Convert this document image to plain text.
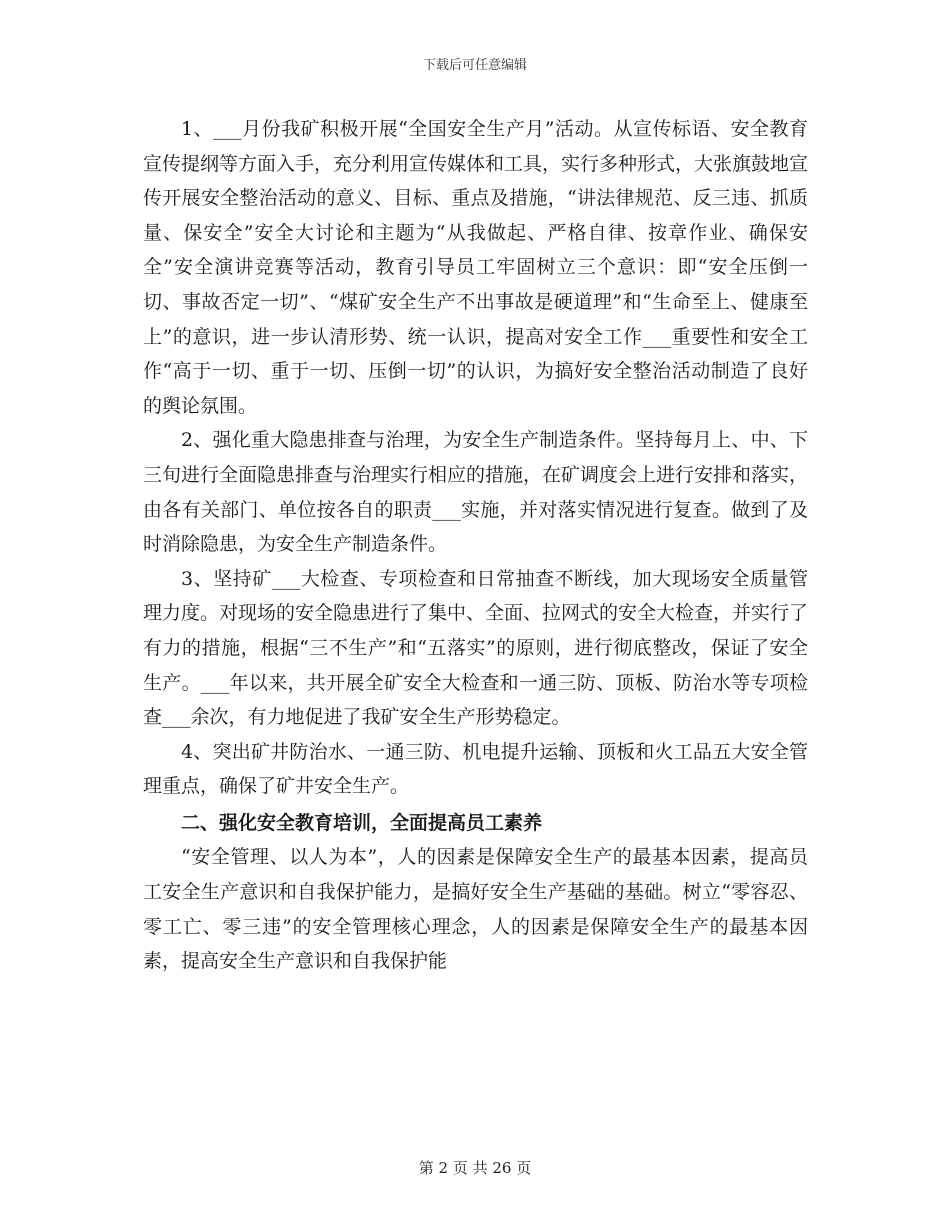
下载后可任意编辑

1、___月份我矿积极开展“全国安全生产月”活动。从宣传标语、安全教育宣传提纲等方面入手，充分利用宣传媒体和工具，实行多种形式，大张旗鼓地宣传开展安全整治活动的意义、目标、重点及措施，“讲法律规范、反三违、抓质量、保安全”安全大讨论和主题为“从我做起、严格自律、按章作业、确保安全”安全演讲竞赛等活动，教育引导员工牢固树立三个意识：即“安全压倒一切、事故否定一切”、“煤矿安全生产不出事故是硬道理”和“生命至上、健康至上”的意识，进一步认清形势、统一认识，提高对安全工作___重要性和安全工作“高于一切、重于一切、压倒一切”的认识，为搞好安全整治活动制造了良好的舆论氛围。

2、强化重大隐患排查与治理，为安全生产制造条件。坚持每月上、中、下三旬进行全面隐患排查与治理实行相应的措施，在矿调度会上进行安排和落实，由各有关部门、单位按各自的职责___实施，并对落实情况进行复查。做到了及时消除隐患，为安全生产制造条件。

3、坚持矿___大检查、专项检查和日常抽查不断线，加大现场安全质量管理力度。对现场的安全隐患进行了集中、全面、拉网式的安全大检查，并实行了有力的措施，根据“三不生产”和“五落实”的原则，进行彻底整改，保证了安全生产。___年以来，共开展全矿安全大检查和一通三防、顶板、防治水等专项检查___余次，有力地促进了我矿安全生产形势稳定。

4、突出矿井防治水、一通三防、机电提升运输、顶板和火工品五大安全管理重点，确保了矿井安全生产。

二、强化安全教育培训，全面提高员工素养

“安全管理、以人为本”，人的因素是保障安全生产的最基本因素，提高员工安全生产意识和自我保护能力，是搞好安全生产基础的基础。树立“零容忍、零工亡、零三违”的安全管理核心理念，人的因素是保障安全生产的最基本因素，提高安全生产意识和自我保护能

第 2 页 共 26 页
